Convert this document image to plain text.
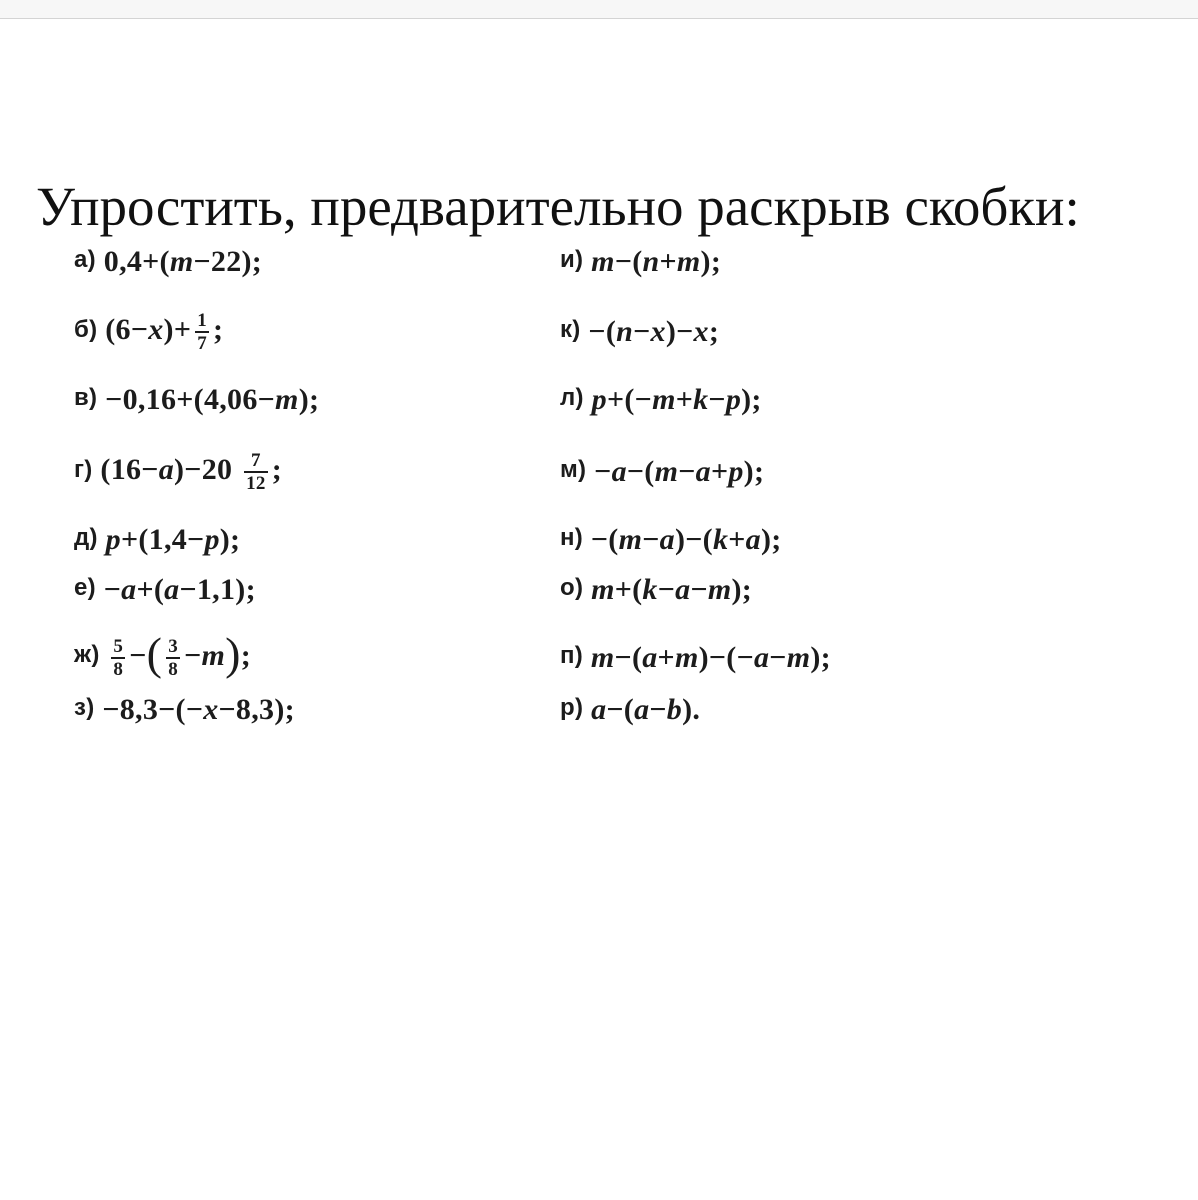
Упростить, предварительно раскрыв скобки:
а) 0,4+(m−22);
б) $(6-x)+ \frac{1}{7}$ ;
в) −0,16+(4,06−m);
г) $(16-a)-20 \frac{7}{12}$ ;
д) p+(1,4−p);
е) −a+(a−1,1);
$ж) \frac{5}{8}$ −( $\frac{3}{8} -m$);
з) −8,3−(−x−8,3);
и) m−(n+m);
к) −(n−x)−x;
л) p+(−m+k−p);
м) −a−(m−a+p);
н) −(m−a)−(k+a);
о) m+(k−a−m);
п) m−(a+m)−(−a−m);
р) a−(a−b).
